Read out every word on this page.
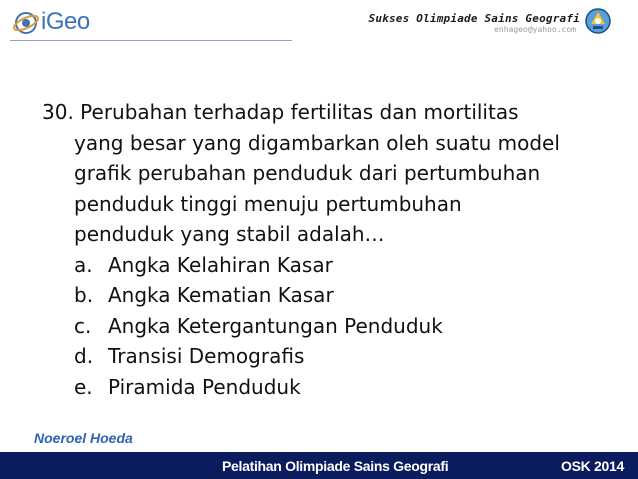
iGeo	Sukses Olimpiade Sains Geografi
enhageo@yahoo.com
30. Perubahan terhadap fertilitas dan mortilitas
yang besar yang digambarkan oleh suatu model
grafik perubahan penduduk dari pertumbuhan
penduduk tinggi menuju pertumbuhan
penduduk yang stabil adalah…
a. Angka Kelahiran Kasar
b. Angka Kematian Kasar
c. Angka Ketergantungan Penduduk
d. Transisi Demografis
e. Piramida Penduduk
Noeroel Hoeda
Pelatihan Olimpiade Sains Geografi	OSK 2014
